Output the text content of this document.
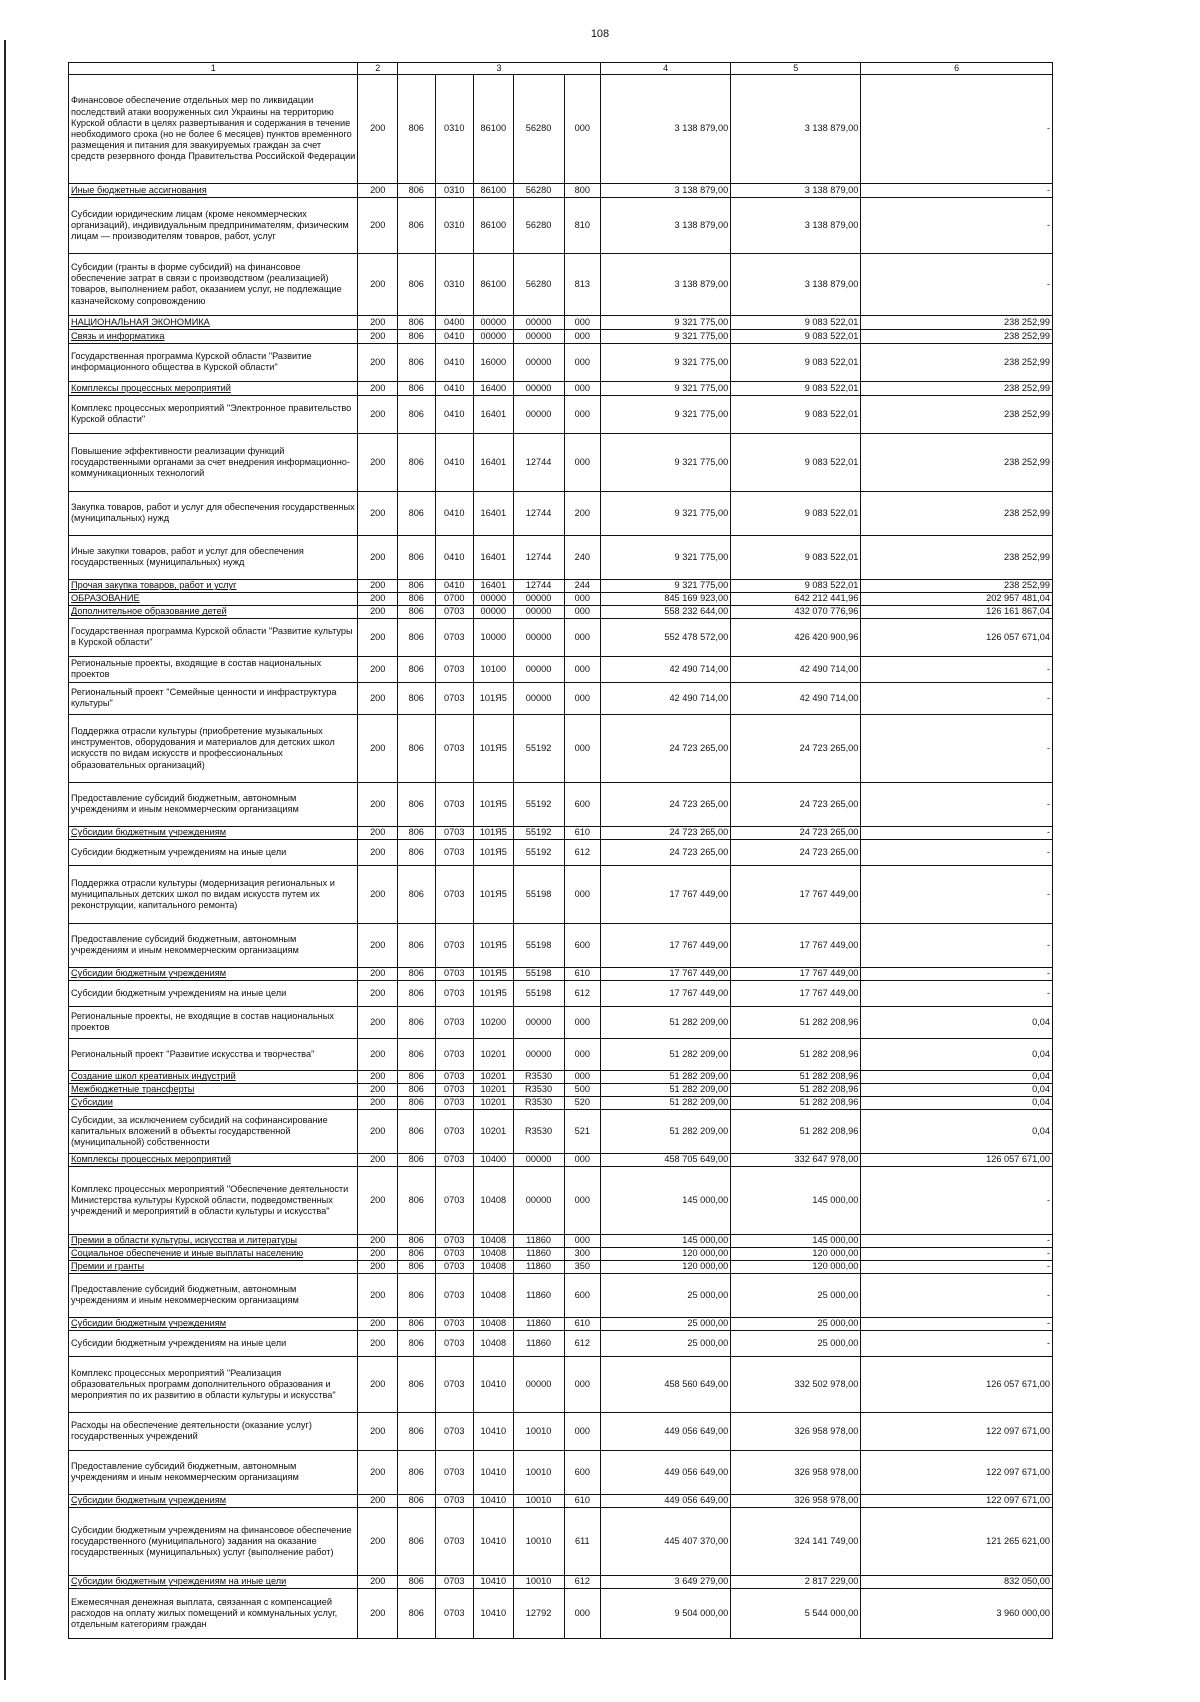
108
1	2	3					4	5	6
Финансовое обеспечение отдельных мер по ликвидации последствий атаки вооруженных сил Украины на территорию Курской области в целях развертывания и содержания в течение необходимого срока (но не более 6 месяцев) пунктов временного размещения и питания для эвакуируемых граждан за счет средств резервного фонда Правительства Российской Федерации	200	806	0310	86100	56280	000	3 138 879,00	3 138 879,00	-
Иные бюджетные ассигнования	200	806	0310	86100	56280	800	3 138 879,00	3 138 879,00	-
Субсидии юридическим лицам (кроме некоммерческих организаций), индивидуальным предпринимателям, физическим лицам — производителям товаров, работ, услуг	200	806	0310	86100	56280	810	3 138 879,00	3 138 879,00	-
Субсидии (гранты в форме субсидий) на финансовое обеспечение затрат в связи с производством (реализацией) товаров, выполнением работ, оказанием услуг, не подлежащие казначейскому сопровождению	200	806	0310	86100	56280	813	3 138 879,00	3 138 879,00	-
НАЦИОНАЛЬНАЯ ЭКОНОМИКА	200	806	0400	00000	00000	000	9 321 775,00	9 083 522,01	238 252,99
Связь и информатика	200	806	0410	00000	00000	000	9 321 775,00	9 083 522,01	238 252,99
Государственная программа Курской области "Развитие информационного общества в Курской области"	200	806	0410	16000	00000	000	9 321 775,00	9 083 522,01	238 252,99
Комплексы процессных мероприятий	200	806	0410	16400	00000	000	9 321 775,00	9 083 522,01	238 252,99
Комплекс процессных мероприятий "Электронное правительство Курской области"	200	806	0410	16401	00000	000	9 321 775,00	9 083 522,01	238 252,99
Повышение эффективности реализации функций государственными органами за счет внедрения информационно-коммуникационных технологий	200	806	0410	16401	12744	000	9 321 775,00	9 083 522,01	238 252,99
Закупка товаров, работ и услуг для обеспечения государственных (муниципальных) нужд	200	806	0410	16401	12744	200	9 321 775,00	9 083 522,01	238 252,99
Иные закупки товаров, работ и услуг для обеспечения государственных (муниципальных) нужд	200	806	0410	16401	12744	240	9 321 775,00	9 083 522,01	238 252,99
Прочая закупка товаров, работ и услуг	200	806	0410	16401	12744	244	9 321 775,00	9 083 522,01	238 252,99
ОБРАЗОВАНИЕ	200	806	0700	00000	00000	000	845 169 923,00	642 212 441,96	202 957 481,04
Дополнительное образование детей	200	806	0703	00000	00000	000	558 232 644,00	432 070 776,96	126 161 867,04
Государственная программа Курской области "Развитие культуры в Курской области"	200	806	0703	10000	00000	000	552 478 572,00	426 420 900,96	126 057 671,04
Региональные проекты, входящие в состав национальных проектов	200	806	0703	10100	00000	000	42 490 714,00	42 490 714,00	-
Региональный проект "Семейные ценности и инфраструктура культуры"	200	806	0703	101Я5	00000	000	42 490 714,00	42 490 714,00	-
Поддержка отрасли культуры (приобретение музыкальных инструментов, оборудования и материалов для детских школ искусств по видам искусств и профессиональных образовательных организаций)	200	806	0703	101Я5	55192	000	24 723 265,00	24 723 265,00	-
Предоставление субсидий бюджетным, автономным учреждениям и иным некоммерческим организациям	200	806	0703	101Я5	55192	600	24 723 265,00	24 723 265,00	-
Субсидии бюджетным учреждениям	200	806	0703	101Я5	55192	610	24 723 265,00	24 723 265,00	-
Субсидии бюджетным учреждениям на иные цели	200	806	0703	101Я5	55192	612	24 723 265,00	24 723 265,00	-
Поддержка отрасли культуры (модернизация региональных и муниципальных детских школ по видам искусств путем их реконструкции, капитального ремонта)	200	806	0703	101Я5	55198	000	17 767 449,00	17 767 449,00	-
Предоставление субсидий бюджетным, автономным учреждениям и иным некоммерческим организациям	200	806	0703	101Я5	55198	600	17 767 449,00	17 767 449,00	-
Субсидии бюджетным учреждениям	200	806	0703	101Я5	55198	610	17 767 449,00	17 767 449,00	-
Субсидии бюджетным учреждениям на иные цели	200	806	0703	101Я5	55198	612	17 767 449,00	17 767 449,00	-
Региональные проекты, не входящие в состав национальных проектов	200	806	0703	10200	00000	000	51 282 209,00	51 282 208,96	0,04
Региональный проект "Развитие искусства и творчества"	200	806	0703	10201	00000	000	51 282 209,00	51 282 208,96	0,04
Создание школ креативных индустрий	200	806	0703	10201	R3530	000	51 282 209,00	51 282 208,96	0,04
Межбюджетные трансферты	200	806	0703	10201	R3530	500	51 282 209,00	51 282 208,96	0,04
Субсидии	200	806	0703	10201	R3530	520	51 282 209,00	51 282 208,96	0,04
Субсидии, за исключением субсидий на софинансирование капитальных вложений в объекты государственной (муниципальной) собственности	200	806	0703	10201	R3530	521	51 282 209,00	51 282 208,96	0,04
Комплексы процессных мероприятий	200	806	0703	10400	00000	000	458 705 649,00	332 647 978,00	126 057 671,00
Комплекс процессных мероприятий "Обеспечение деятельности Министерства культуры Курской области, подведомственных учреждений и мероприятий в области культуры и искусства"	200	806	0703	10408	00000	000	145 000,00	145 000,00	-
Премии в области культуры, искусства и литературы	200	806	0703	10408	11860	000	145 000,00	145 000,00	-
Социальное обеспечение и иные выплаты населению	200	806	0703	10408	11860	300	120 000,00	120 000,00	-
Премии и гранты	200	806	0703	10408	11860	350	120 000,00	120 000,00	-
Предоставление субсидий бюджетным, автономным учреждениям и иным некоммерческим организациям	200	806	0703	10408	11860	600	25 000,00	25 000,00	-
Субсидии бюджетным учреждениям	200	806	0703	10408	11860	610	25 000,00	25 000,00	-
Субсидии бюджетным учреждениям на иные цели	200	806	0703	10408	11860	612	25 000,00	25 000,00	-
Комплекс процессных мероприятий "Реализация образовательных программ дополнительного образования и мероприятия по их развитию в области культуры и искусства"	200	806	0703	10410	00000	000	458 560 649,00	332 502 978,00	126 057 671,00
Расходы на обеспечение деятельности (оказание услуг) государственных учреждений	200	806	0703	10410	10010	000	449 056 649,00	326 958 978,00	122 097 671,00
Предоставление субсидий бюджетным, автономным учреждениям и иным некоммерческим организациям	200	806	0703	10410	10010	600	449 056 649,00	326 958 978,00	122 097 671,00
Субсидии бюджетным учреждениям	200	806	0703	10410	10010	610	449 056 649,00	326 958 978,00	122 097 671,00
Субсидии бюджетным учреждениям на финансовое обеспечение государственного (муниципального) задания на оказание государственных (муниципальных) услуг (выполнение работ)	200	806	0703	10410	10010	611	445 407 370,00	324 141 749,00	121 265 621,00
Субсидии бюджетным учреждениям на иные цели	200	806	0703	10410	10010	612	3 649 279,00	2 817 229,00	832 050,00
Ежемесячная денежная выплата, связанная с компенсацией расходов на оплату жилых помещений и коммунальных услуг, отдельным категориям граждан	200	806	0703	10410	12792	000	9 504 000,00	5 544 000,00	3 960 000,00
